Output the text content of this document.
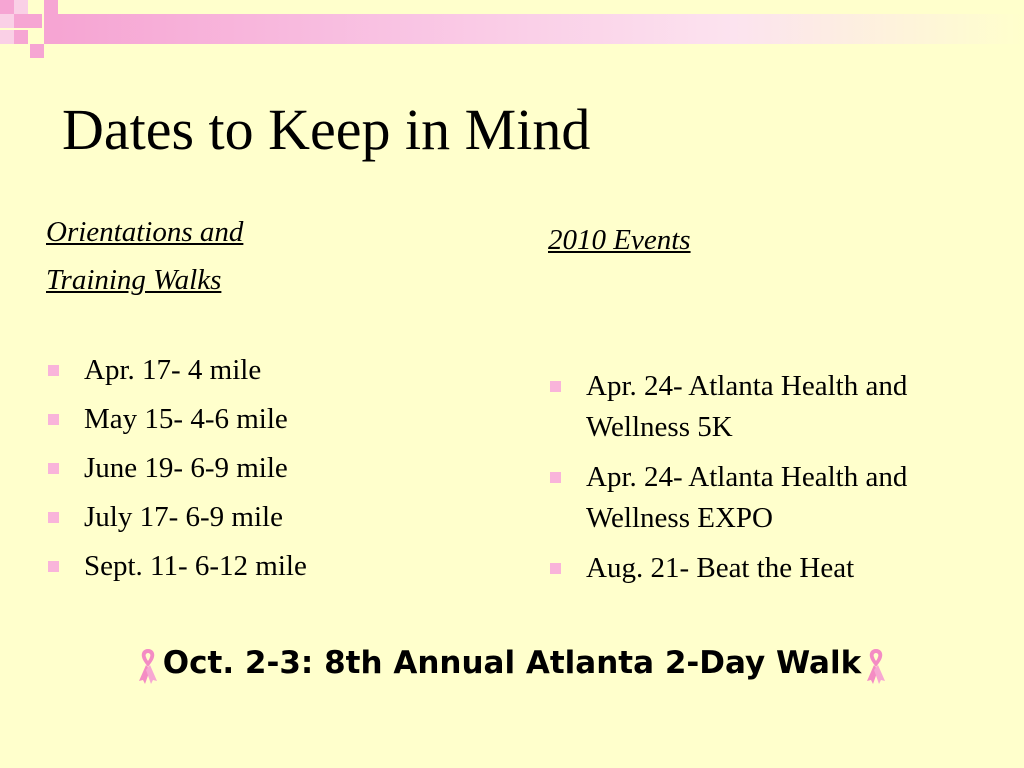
Dates to Keep in Mind
Orientations and
Training Walks
Apr. 17- 4 mile
May 15- 4-6 mile
June 19- 6-9 mile
July 17- 6-9 mile
Sept. 11- 6-12 mile
2010 Events
Apr. 24- Atlanta Health and Wellness 5K
Apr. 24- Atlanta Health and Wellness EXPO
Aug. 21- Beat the Heat
Oct. 2-3: 8th Annual Atlanta 2-Day Walk
